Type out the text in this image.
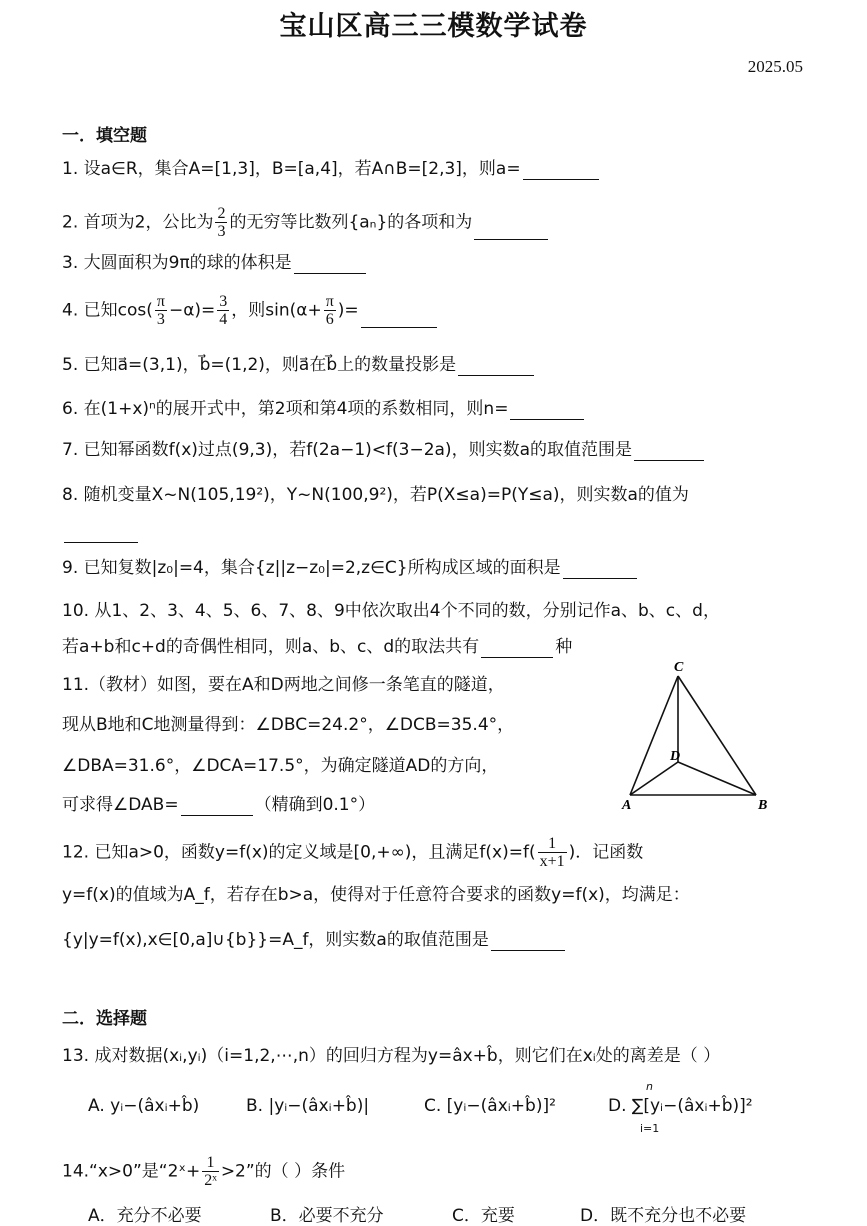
宝山区高三三模数学试卷
2025.05
一．填空题
1. 设a∈R，集合A=[1,3]，B=[a,4]，若A∩B=[2,3]，则a=
2. 首项为2，公比为 $\frac{2}{3}$ 的无穷等比数列{aₙ}的各项和为
3. 大圆面积为9π的球的体积是
4. 已知$\cos( \frac{\pi}{3} -\alpha)= \frac{3}{4}$ ，则$\sin(\alpha+ \frac{\pi}{6}$ )=
5. 已知a⃗=(3,1)，b⃗=(1,2)，则a⃗在b⃗上的数量投影是
6. 在(1+x)ⁿ的展开式中，第2项和第4项的系数相同，则n=
7. 已知幂函数f(x)过点(9,3)，若f(2a−1)<f(3−2a)，则实数a的取值范围是
8. 随机变量X~N(105,19²)，Y~N(100,9²)，若P(X≤a)=P(Y≤a)，则实数a的值为
9. 已知复数|z₀|=4，集合{z||z−z₀|=2,z∈C}所构成区域的面积是
10. 从1、2、3、4、5、6、7、8、9中依次取出4个不同的数，分别记作a、b、c、d，
若a+b和c+d的奇偶性相同，则a、b、c、d的取法共有	种
11.（教材）如图，要在A和D两地之间修一条笔直的隧道，
现从B地和C地测量得到：∠DBC=24.2°，∠DCB=35.4°，
∠DBA=31.6°，∠DCA=17.5°，为确定隧道AD的方向，
可求得∠DAB=	（精确到0.1°）
C
D
A	B
12. 已知a>0，函数y=f(x)的定义域是[0,+∞)，且满足$f(x)=f( \frac{1}{x+1}$ )．记函数
y=f(x)的值域为A_f，若存在b>a，使得对于任意符合要求的函数y=f(x)，均满足：
{y|y=f(x),x∈[0,a]∪{b}}=A_f，则实数a的取值范围是
二．选择题
13. 成对数据(xᵢ,yᵢ)（i=1,2,⋯,n）的回归方程为y=âx+b̂，则它们在xᵢ处的离差是（ ）
A. yᵢ−(âxᵢ+b̂)	B. |yᵢ−(âxᵢ+b̂)|	C. [yᵢ−(âxᵢ+b̂)]²	D. ∑[yᵢ−(âxᵢ+b̂)]²
n
i=1
14.“x>0”是“2ˣ+ $\frac{1}{\text{2ˣ}} >2$”的（ ）条件
A．充分不必要	B．必要不充分	C．充要	D．既不充分也不必要
